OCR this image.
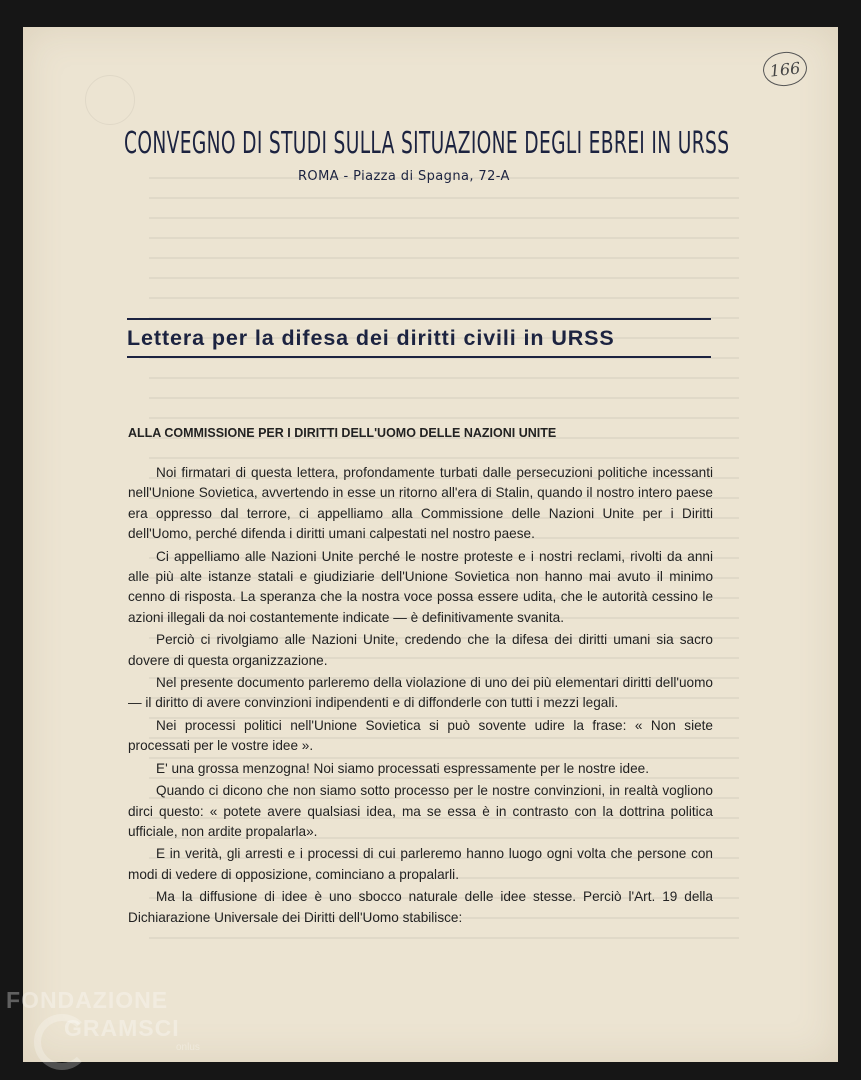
166
CONVEGNO DI STUDI SULLA SITUAZIONE DEGLI EBREI IN URSS
ROMA - Piazza di Spagna, 72-A
Lettera per la difesa dei diritti civili in URSS
ALLA COMMISSIONE PER I DIRITTI DELL'UOMO DELLE NAZIONI UNITE

Noi firmatari di questa lettera, profondamente turbati dalle persecuzioni politiche incessanti nell'Unione Sovietica, avvertendo in esse un ritorno all'era di Stalin, quando il nostro intero paese era oppresso dal terrore, ci appelliamo alla Commissione delle Nazioni Unite per i Diritti dell'Uomo, perché difenda i diritti umani calpestati nel nostro paese.

Ci appelliamo alle Nazioni Unite perché le nostre proteste e i nostri reclami, rivolti da anni alle più alte istanze statali e giudiziarie dell'Unione Sovietica non hanno mai avuto il minimo cenno di risposta. La speranza che la nostra voce possa essere udita, che le autorità cessino le azioni illegali da noi costantemente indicate — è definitivamente svanita.

Perciò ci rivolgiamo alle Nazioni Unite, credendo che la difesa dei diritti umani sia sacro dovere di questa organizzazione.

Nel presente documento parleremo della violazione di uno dei più elementari diritti dell'uomo — il diritto di avere convinzioni indipendenti e di diffonderle con tutti i mezzi legali.

Nei processi politici nell'Unione Sovietica si può sovente udire la frase: « Non siete processati per le vostre idee ».

E' una grossa menzogna! Noi siamo processati espressamente per le nostre idee.

Quando ci dicono che non siamo sotto processo per le nostre convinzioni, in realtà vogliono dirci questo: « potete avere qualsiasi idea, ma se essa è in contrasto con la dottrina politica ufficiale, non ardite propalarla».

E in verità, gli arresti e i processi di cui parleremo hanno luogo ogni volta che persone con modi di vedere di opposizione, cominciano a propalarli.

Ma la diffusione di idee è uno sbocco naturale delle idee stesse. Perciò l'Art. 19 della Dichiarazione Universale dei Diritti dell'Uomo stabilisce:

FONDAZIONE
GRAMSCI
onlus
